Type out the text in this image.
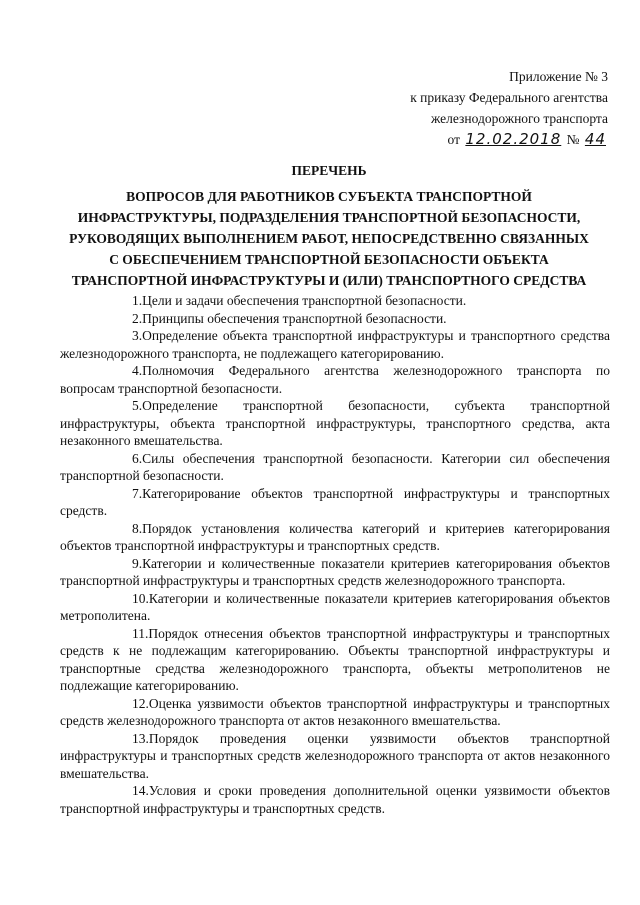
Приложение № 3
к приказу Федерального агентства
железнодорожного транспорта
от 12.02.2018 № 44
ПЕРЕЧЕНЬ
ВОПРОСОВ ДЛЯ РАБОТНИКОВ СУБЪЕКТА ТРАНСПОРТНОЙ
ИНФРАСТРУКТУРЫ, ПОДРАЗДЕЛЕНИЯ ТРАНСПОРТНОЙ БЕЗОПАСНОСТИ,
РУКОВОДЯЩИХ ВЫПОЛНЕНИЕМ РАБОТ, НЕПОСРЕДСТВЕННО СВЯЗАННЫХ
С ОБЕСПЕЧЕНИЕМ ТРАНСПОРТНОЙ БЕЗОПАСНОСТИ ОБЪЕКТА
ТРАНСПОРТНОЙ ИНФРАСТРУКТУРЫ И (ИЛИ) ТРАНСПОРТНОГО СРЕДСТВА

1.Цели и задачи обеспечения транспортной безопасности.

2.Принципы обеспечения транспортной безопасности.

3.Определение объекта транспортной инфраструктуры и транспортного средства железнодорожного транспорта, не подлежащего категорированию.

4.Полномочия Федерального агентства железнодорожного транспорта по вопросам транспортной безопасности.

5.Определение транспортной безопасности, субъекта транспортной инфраструктуры, объекта транспортной инфраструктуры, транспортного средства, акта незаконного вмешательства.

6.Силы обеспечения транспортной безопасности. Категории сил обеспечения транспортной безопасности.

7.Категорирование объектов транспортной инфраструктуры и транспортных средств.

8.Порядок установления количества категорий и критериев категорирования объектов транспортной инфраструктуры и транспортных средств.

9.Категории и количественные показатели критериев категорирования объектов транспортной инфраструктуры и транспортных средств железнодорожного транспорта.

10.Категории и количественные показатели критериев категорирования объектов метрополитена.

11.Порядок отнесения объектов транспортной инфраструктуры и транспортных средств к не подлежащим категорированию. Объекты транспортной инфраструктуры и транспортные средства железнодорожного транспорта, объекты метрополитенов не подлежащие категорированию.

12.Оценка уязвимости объектов транспортной инфраструктуры и транспортных средств железнодорожного транспорта от актов незаконного вмешательства.

13.Порядок проведения оценки уязвимости объектов транспортной инфраструктуры и транспортных средств железнодорожного транспорта от актов незаконного вмешательства.

14.Условия и сроки проведения дополнительной оценки уязвимости объектов транспортной инфраструктуры и транспортных средств.
